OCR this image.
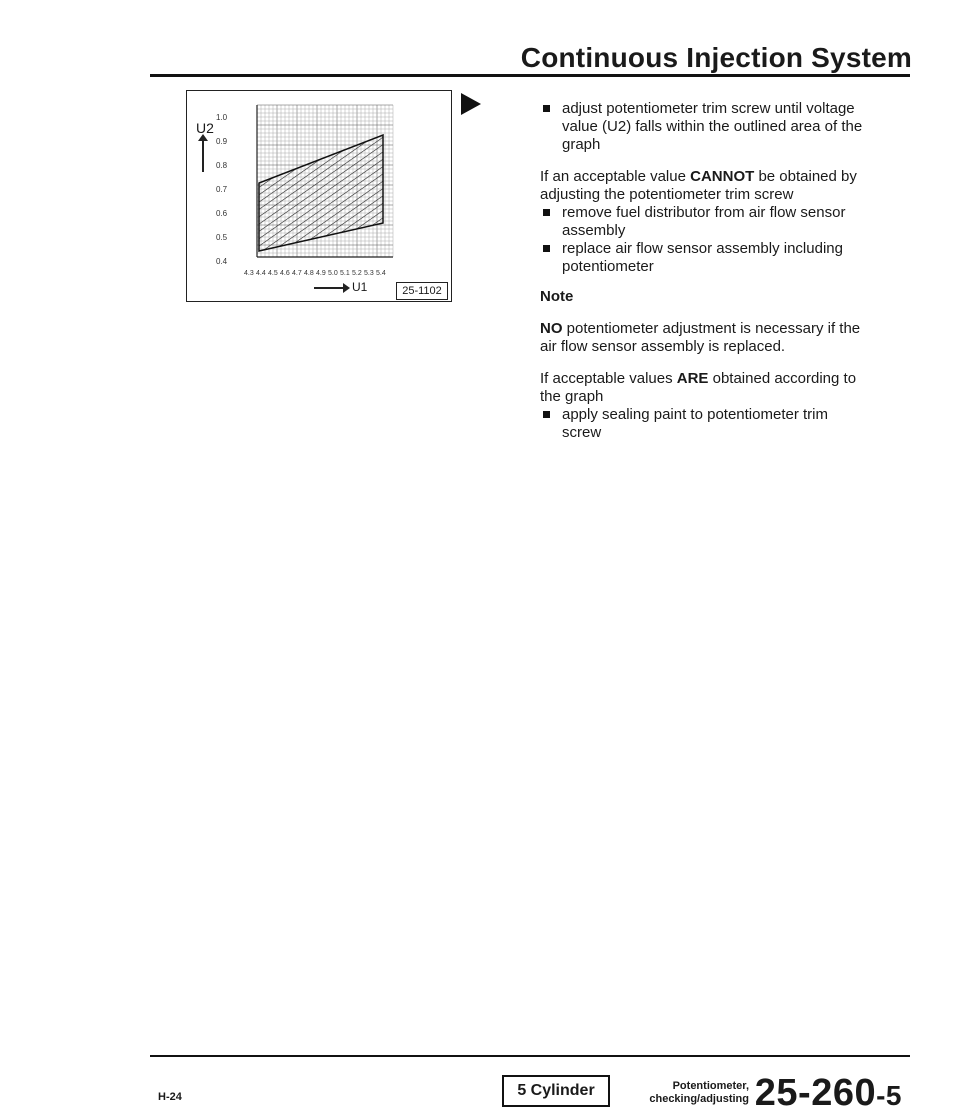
Continuous Injection System
U2
1.0
0.9
0.8
0.7
0.6
0.5
0.4
4.3 4.4 4.5 4.6 4.7 4.8 4.9 5.0 5.1 5.2 5.3 5.4
U1	25-1102
adjust potentiometer trim screw until voltage value (U2) falls within the outlined area of the graph
If an acceptable value CANNOT be obtained by adjusting the potentiometer trim screw
remove fuel distributor from air flow sensor assembly
replace air flow sensor assembly including potentiometer
Note
NO potentiometer adjustment is necessary if the air flow sensor assembly is replaced.
If acceptable values ARE obtained according to the graph
apply sealing paint to potentiometer trim screw
H-24	5 Cylinder	Potentiometer,
checking/adjusting 25-260-5
